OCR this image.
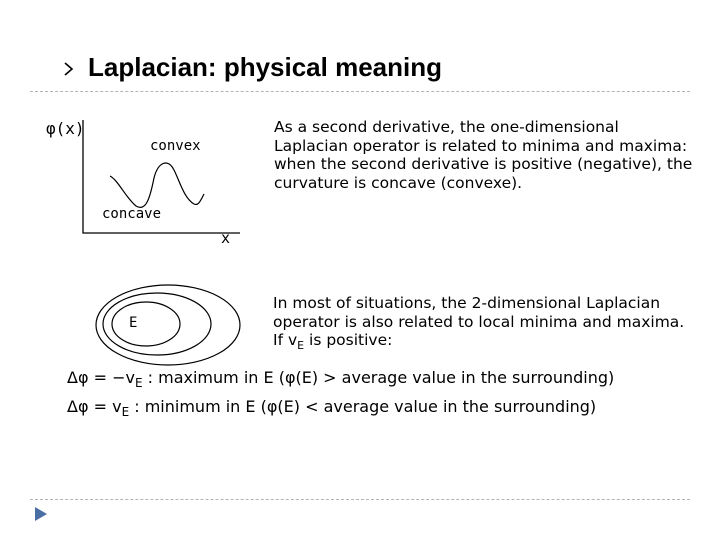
Laplacian: physical meaning
φ(x)
convex
concave
x
As a second derivative, the one-dimensional Laplacian operator is related to minima and maxima: when the second derivative is positive (negative), the curvature is concave (convexe).
E
In most of situations, the 2-dimensional Laplacian operator is also related to local minima and maxima. If $v_E$ is positive:
$\Delta\varphi = -v_E$ : maximum in E (φ(E) > average value in the surrounding)
$\Delta\varphi = v_E$ : minimum in E (φ(E) < average value in the surrounding)
